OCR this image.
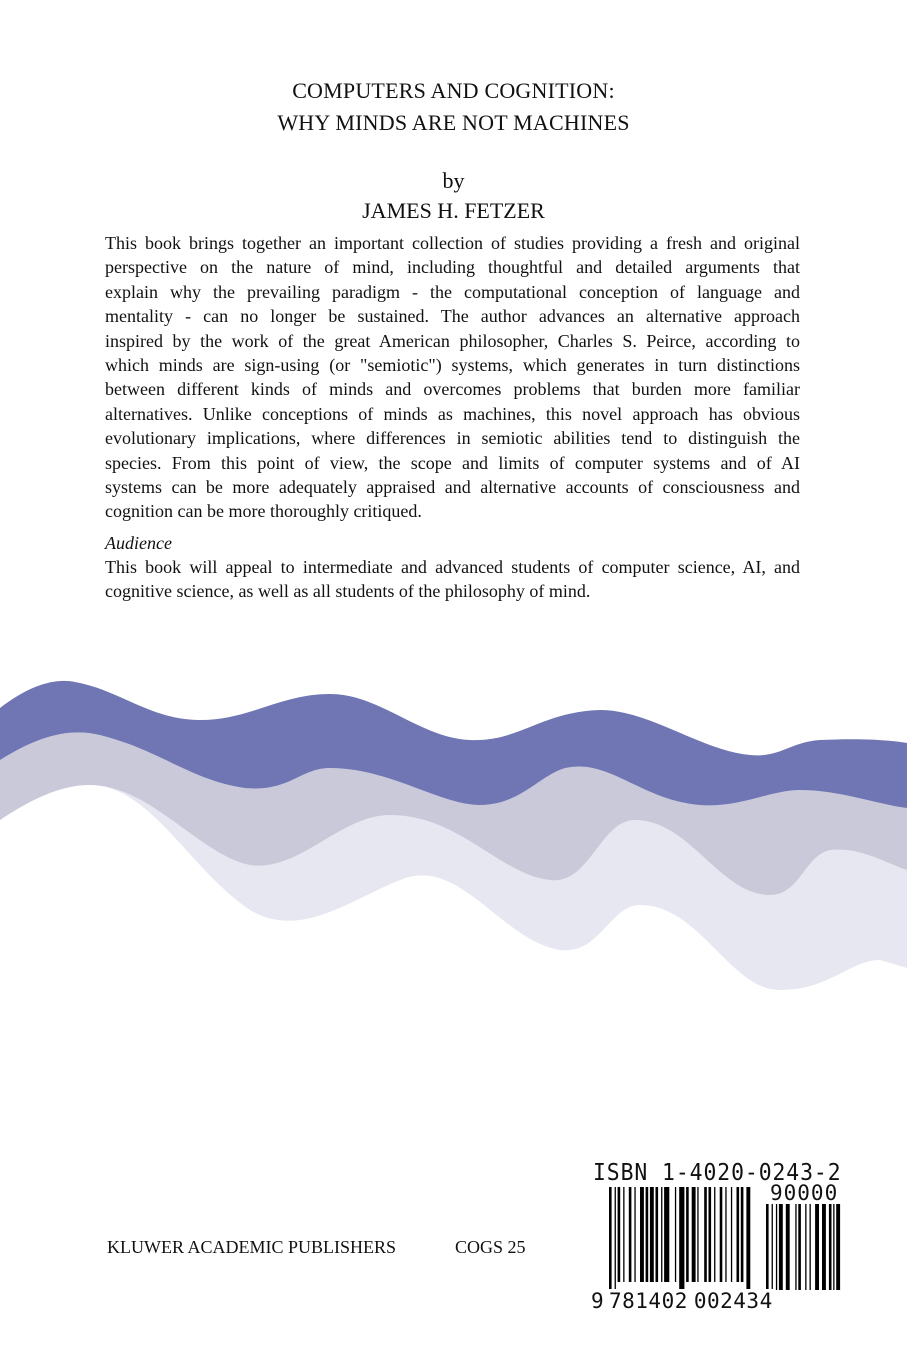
COMPUTERS AND COGNITION:
WHY MINDS ARE NOT MACHINES
by
JAMES H. FETZER
This book brings together an important collection of studies providing a fresh and original
perspective on the nature of mind, including thoughtful and detailed arguments that
explain why the prevailing paradigm - the computational conception of language and
mentality - can no longer be sustained. The author advances an alternative approach
inspired by the work of the great American philosopher, Charles S. Peirce, according to
which minds are sign-using (or "semiotic") systems, which generates in turn distinctions
between different kinds of minds and overcomes problems that burden more familiar
alternatives. Unlike conceptions of minds as machines, this novel approach has obvious
evolutionary implications, where differences in semiotic abilities tend to distinguish the
species. From this point of view, the scope and limits of computer systems and of AI
systems can be more adequately appraised and alternative accounts of consciousness and
cognition can be more thoroughly critiqued.
Audience
This book will appeal to intermediate and advanced students of computer science, AI, and
cognitive science, as well as all students of the philosophy of mind.
KLUWER ACADEMIC PUBLISHERS	COGS 25
ISBN 1-4020-0243-2
90000
9 781402 002434
